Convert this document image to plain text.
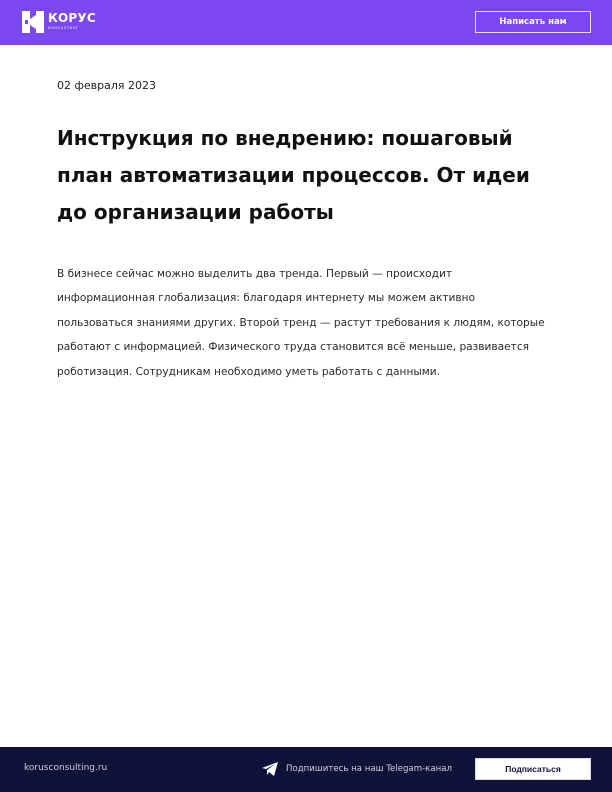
КОРУС
КОНСАЛТИНГ
Написать нам
02 февраля 2023
Инструкция по внедрению: пошаговый план автоматизации процессов. От идеи до организации работы

В бизнесе сейчас можно выделить два тренда. Первый — происходит информационная глобализация: благодаря интернету мы можем активно пользоваться знаниями других. Второй тренд — растут требования к людям, которые работают с информацией. Физического труда становится всё меньше, развивается роботизация. Сотрудникам необходимо уметь работать с данными.

korusconsulting.ru	Подпишитесь на наш Telegam-канал	Подписаться
